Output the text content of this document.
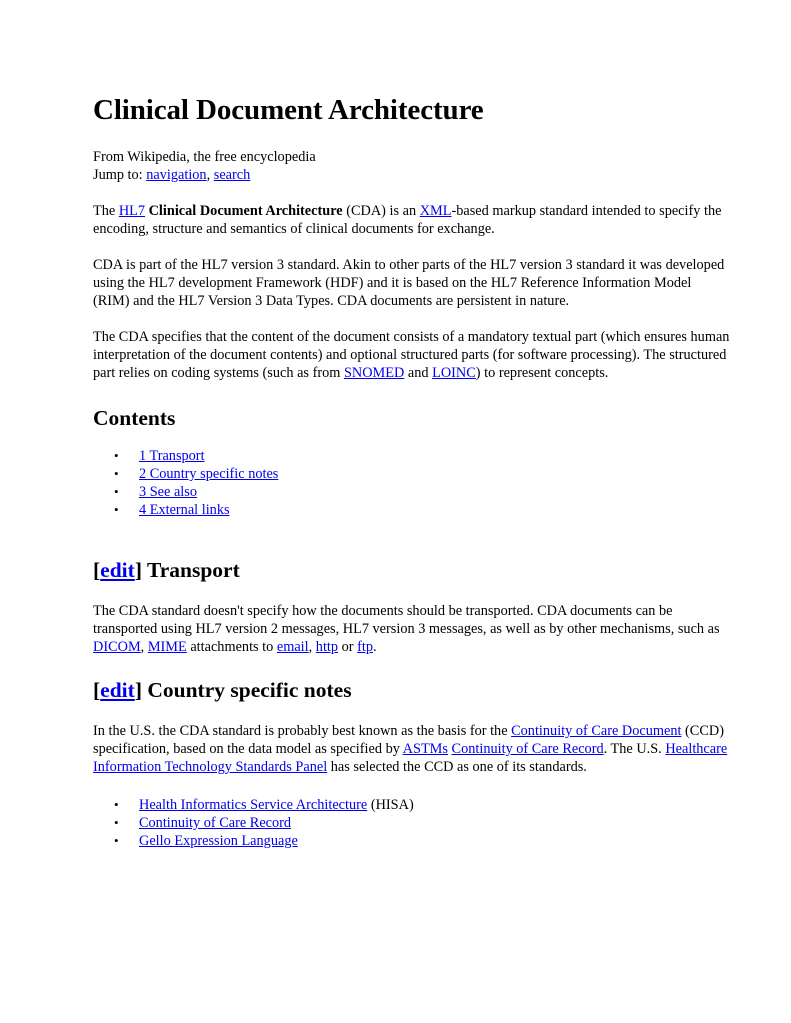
Clinical Document Architecture

From Wikipedia, the free encyclopedia

Jump to: navigation, search

The HL7 Clinical Document Architecture (CDA) is an XML-based markup standard intended to specify the encoding, structure and semantics of clinical documents for exchange.

CDA is part of the HL7 version 3 standard. Akin to other parts of the HL7 version 3 standard it was developed using the HL7 development Framework (HDF) and it is based on the HL7 Reference Information Model (RIM) and the HL7 Version 3 Data Types. CDA documents are persistent in nature.

The CDA specifies that the content of the document consists of a mandatory textual part (which ensures human interpretation of the document contents) and optional structured parts (for software processing). The structured part relies on coding systems (such as from SNOMED and LOINC) to represent concepts.

Contents
• 1 Transport
• 2 Country specific notes
• 3 See also
• 4 External links
[edit] Transport

The CDA standard doesn't specify how the documents should be transported. CDA documents can be transported using HL7 version 2 messages, HL7 version 3 messages, as well as by other mechanisms, such as DICOM, MIME attachments to email, http or ftp.

[edit] Country specific notes

In the U.S. the CDA standard is probably best known as the basis for the Continuity of Care Document (CCD) specification, based on the data model as specified by ASTMs Continuity of Care Record. The U.S. Healthcare Information Technology Standards Panel has selected the CCD as one of its standards.

• Health Informatics Service Architecture (HISA)
• Continuity of Care Record
• Gello Expression Language
